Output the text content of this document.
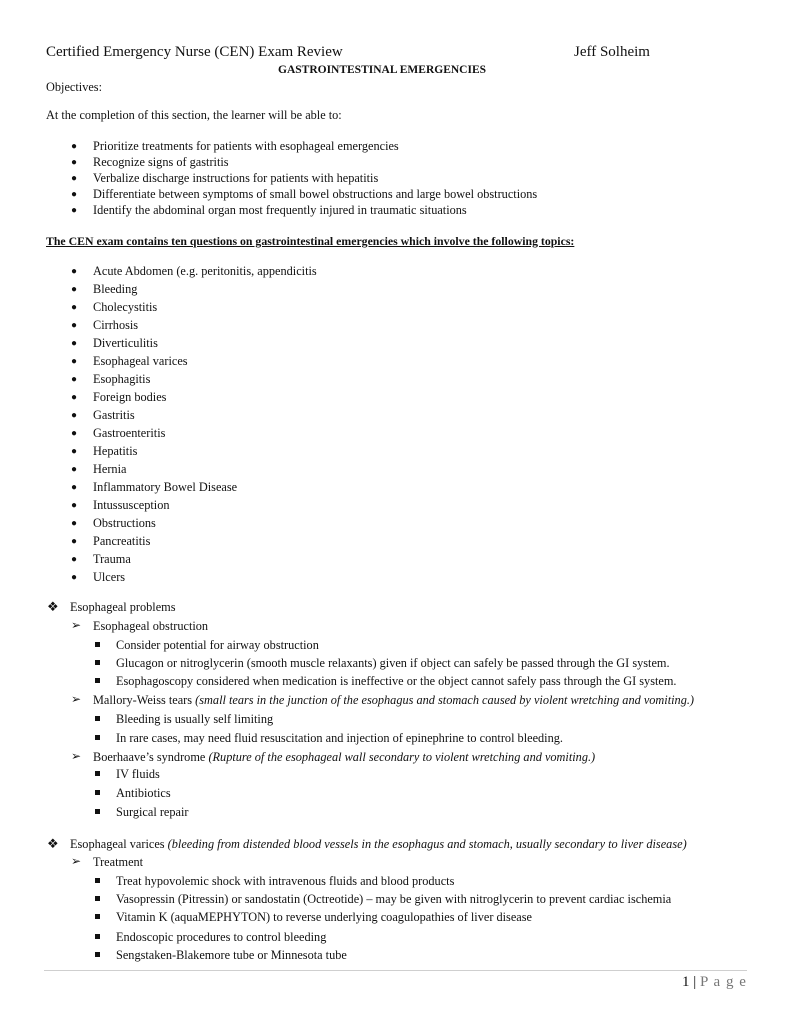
Certified Emergency Nurse (CEN) Exam Review	Jeff Solheim
GASTROINTESTINAL EMERGENCIES
Objectives:
At the completion of this section, the learner will be able to:
● Prioritize treatments for patients with esophageal emergencies
● Recognize signs of gastritis
● Verbalize discharge instructions for patients with hepatitis
● Differentiate between symptoms of small bowel obstructions and large bowel obstructions
● Identify the abdominal organ most frequently injured in traumatic situations
The CEN exam contains ten questions on gastrointestinal emergencies which involve the following topics:
● Acute Abdomen (e.g. peritonitis, appendicitis
● Bleeding
● Cholecystitis
● Cirrhosis
● Diverticulitis
● Esophageal varices
● Esophagitis
● Foreign bodies
● Gastritis
● Gastroenteritis
● Hepatitis
● Hernia
● Inflammatory Bowel Disease
● Intussusception
● Obstructions
● Pancreatitis
● Trauma
● Ulcers
❖ Esophageal problems
➢ Esophageal obstruction
Consider potential for airway obstruction
Glucagon or nitroglycerin (smooth muscle relaxants) given if object can safely be passed through the GI system.
Esophagoscopy considered when medication is ineffective or the object cannot safely pass through the GI system.
➢ Mallory-Weiss tears (small tears in the junction of the esophagus and stomach caused by violent wretching and vomiting.)
Bleeding is usually self limiting
In rare cases, may need fluid resuscitation and injection of epinephrine to control bleeding.
➢ Boerhaave’s syndrome (Rupture of the esophageal wall secondary to violent wretching and vomiting.)
IV fluids
Antibiotics
Surgical repair
❖ Esophageal varices (bleeding from distended blood vessels in the esophagus and stomach, usually secondary to liver disease)
➢ Treatment
Treat hypovolemic shock with intravenous fluids and blood products
Vasopressin (Pitressin) or sandostatin (Octreotide) – may be given with nitroglycerin to prevent cardiac ischemia
Vitamin K (aquaMEPHYTON) to reverse underlying coagulopathies of liver disease
Endoscopic procedures to control bleeding
Sengstaken-Blakemore tube or Minnesota tube
1 | P a g e
